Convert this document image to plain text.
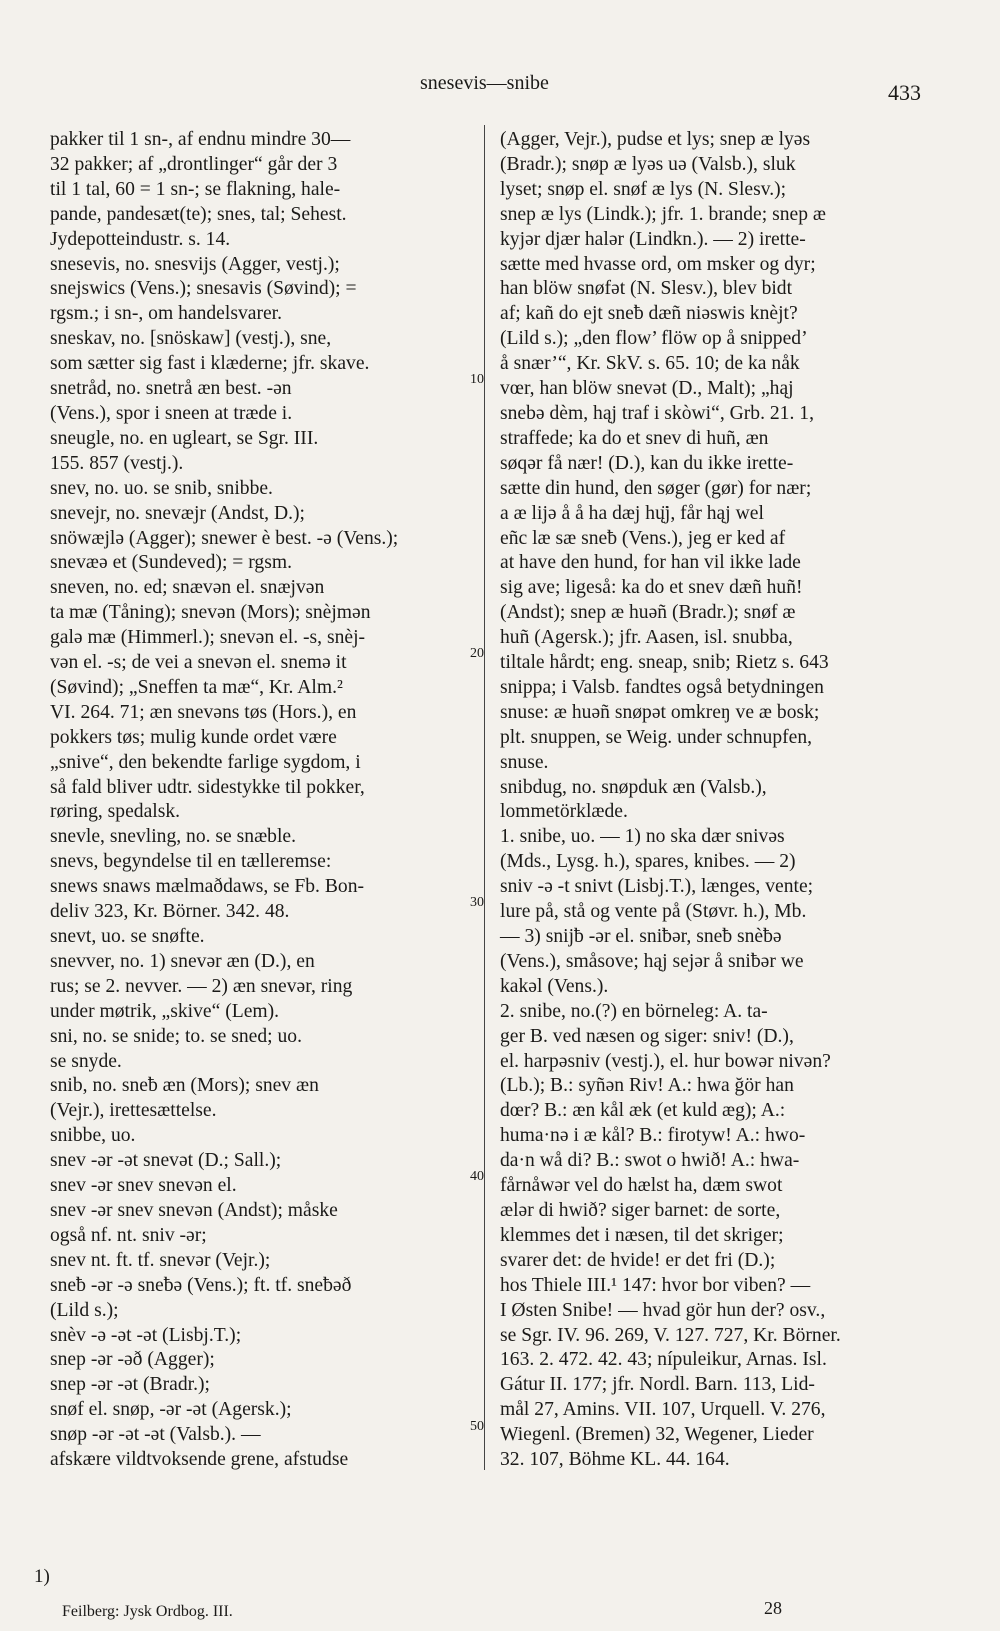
snesevis—snibe	433

pakker til 1 sn-, af endnu mindre 30—

32 pakker; af „drontlinger“ går der 3

til 1 tal, 60 = 1 sn-; se flakning, hale-

pande, pandesæt(te); snes, tal; Sehest.

Jydepotteindustr. s. 14.

snesevis, no. snesvijs (Agger, vestj.);

snejswics (Vens.); snesavis (Søvind); =

rgsm.; i sn-, om handelsvarer.

sneskav, no. [snöskaw] (vestj.), sne,

som sætter sig fast i klæderne; jfr. skave.

snetråd, no. snetrå æn best. -ən

(Vens.), spor i sneen at træde i.

sneugle, no. en ugleart, se Sgr. III.

155. 857 (vestj.).

snev, no. uo. se snib, snibbe.

snevejr, no. snevæjr (Andst, D.);

snöwæjlə (Agger); snewer è best. -ə (Vens.);

snevæə et (Sundeved); = rgsm.

sneven, no. ed; snævən el. snæjvən

ta mæ (Tåning); snevən (Mors); snèjmən

galə mæ (Himmerl.); snevən el. -s, snèj-

vən el. -s; de vei a snevən el. snemə it

(Søvind); „Sneffen ta mæ“, Kr. Alm.²

VI. 264. 71; æn snevəns tøs (Hors.), en

pokkers tøs; mulig kunde ordet være

„snive“, den bekendte farlige sygdom, i

så fald bliver udtr. sidestykke til pokker,

røring, spedalsk.

snevle, snevling, no. se snæble.

snevs, begyndelse til en tælleremse:

snews snaws mælmaðdaws, se Fb. Bon-

deliv 323, Kr. Börner. 342. 48.

snevt, uo. se snøfte.

snevver, no. 1) snevər æn (D.), en

rus; se 2. nevver. — 2) æn snevər, ring

under møtrik, „skive“ (Lem).

sni, no. se snide; to. se sned; uo.

se snyde.

snib, no. sneƀ æn (Mors); snev æn

(Vejr.), irettesættelse.

snibbe, uo.

snev -ər -ət snevət (D.; Sall.);

snev -ər snev snevən el.

snev -ər snev snevən (Andst); måske

også nf. nt. sniv -ər;

snev nt. ft. tf. snevər (Vejr.);

sneƀ -ər -ə sneƀə (Vens.); ft. tf. sneƀəð

(Lild s.);

snèv -ə -ət -ət (Lisbj.T.);

snep -ər -əð (Agger);

snep -ər -ət (Bradr.);

snøf el. snøp, -ər -ət (Agersk.);

snøp -ər -ət -ət (Valsb.). —

afskære vildtvoksende grene, afstudse

(Agger, Vejr.), pudse et lys; snep æ lyəs

(Bradr.); snøp æ lyəs uə (Valsb.), sluk

lyset; snøp el. snøf æ lys (N. Slesv.);

snep æ lys (Lindk.); jfr. 1. brande; snep æ

kyjər djær halər (Lindkn.). — 2) irette-

sætte med hvasse ord, om msker og dyr;

han blöw snøfət (N. Slesv.), blev bidt

af; kañ do ejt sneƀ dæñ niəswis knèjt?

(Lild s.); „den flow’ flöw op å snipped’

å snær’“, Kr. SkV. s. 65. 10; de ka nåk

vœr, han blöw snevət (D., Malt); „hąj

snebə dèm, hąj traf i skòwi“, Grb. 21. 1,

straffede; ka do et snev di huñ, æn

søqər få nær! (D.), kan du ikke irette-

sætte din hund, den søger (gør) for nær;

a æ lijə å å ha dæj hų̈j, får hąj wel

eñc læ sæ sneƀ (Vens.), jeg er ked af

at have den hund, for han vil ikke lade

sig ave; ligeså: ka do et snev dæñ huñ!

(Andst); snep æ huəñ (Bradr.); snøf æ

huñ (Agersk.); jfr. Aasen, isl. snubba,

tiltale hårdt; eng. sneap, snib; Rietz s. 643

snippa; i Valsb. fandtes også betydningen

snuse: æ huəñ snøpət omkreŋ ve æ bosk;

plt. snuppen, se Weig. under schnupfen,

snuse.

snibdug, no. snøpduk æn (Valsb.),

lommetörklæde.

1. snibe, uo. — 1) no ska dær snivəs

(Mds., Lysg. h.), spares, knibes. — 2)

sniv -ə -t snivt (Lisbj.T.), længes, vente;

lure på, stå og vente på (Støvr. h.), Mb.

— 3) snijƀ -ər el. sniƀər, sneƀ snèƀə

(Vens.), småsove; hąj sejər å sniƀər we

kakəl (Vens.).

2. snibe, no.(?) en börneleg: A. ta-

ger B. ved næsen og siger: sniv! (D.),

el. harpəsniv (vestj.), el. hur bowər nivən?

(Lb.); B.: syñən Riv! A.: hwa ğör han

dœr? B.: æn kål æk (et kuld æg); A.:

huma·nə i æ kål? B.: firotyw! A.: hwo-

da·n wå di? B.: swot o hwið! A.: hwa-

fårnåwər vel do hælst ha, dæm swot

ælər di hwið? siger barnet: de sorte,

klemmes det i næsen, til det skriger;

svarer det: de hvide! er det fri (D.);

hos Thiele III.¹ 147: hvor bor viben? —

I Østen Snibe! — hvad gör hun der? osv.,

se Sgr. IV. 96. 269, V. 127. 727, Kr. Börner.

163. 2. 472. 42. 43; nípuleikur, Arnas. Isl.

Gátur II. 177; jfr. Nordl. Barn. 113, Lid-

mål 27, Amins. VII. 107, Urquell. V. 276,

Wiegenl. (Bremen) 32, Wegener, Lieder

32. 107, Böhme KL. 44. 164.

10
20
30
40
50
1)
Feilberg: Jysk Ordbog. III.	28
